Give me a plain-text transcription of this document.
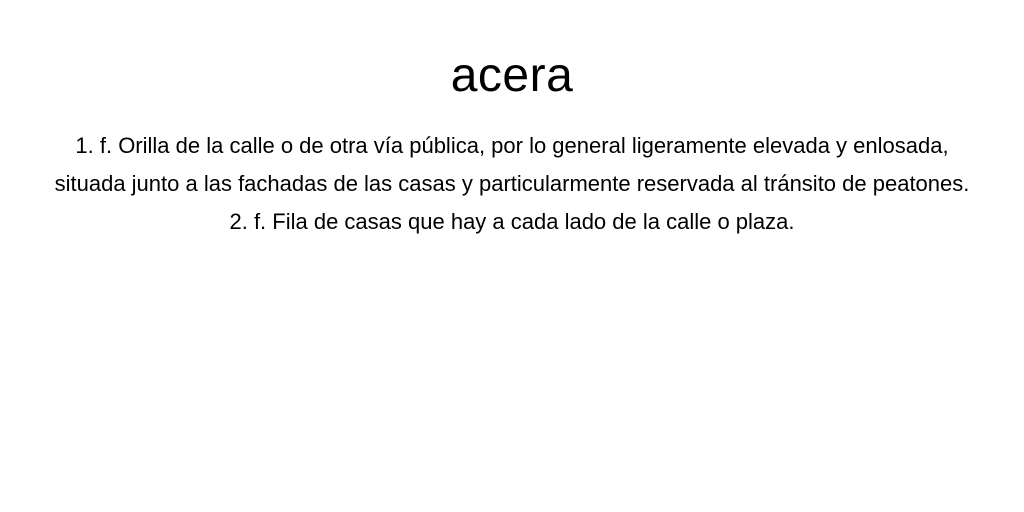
acera
1. f. Orilla de la calle o de otra vía pública, por lo general ligeramente elevada y enlosada, situada junto a las fachadas de las casas y particularmente reservada al tránsito de peatones.
2. f. Fila de casas que hay a cada lado de la calle o plaza.
